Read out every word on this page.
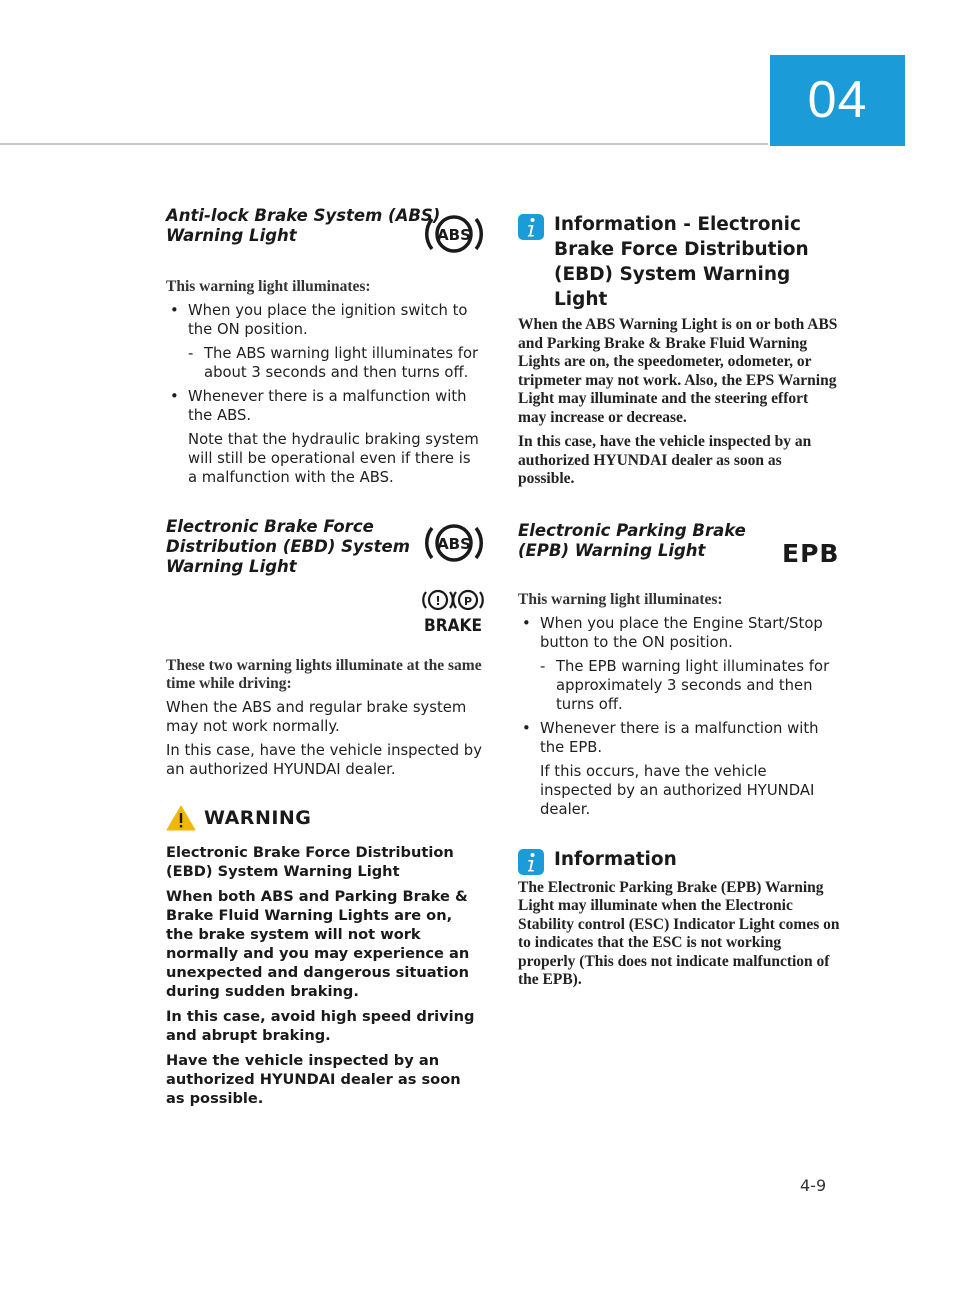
04

Anti-lock Brake System (ABS)

Warning Light	ABS

This warning light illuminates:

• When you place the ignition switch to the ON position.

- The ABS warning light illuminates for about 3 seconds and then turns off.

• Whenever there is a malfunction with the ABS.

Note that the hydraulic braking system will still be operational even if there is a malfunction with the ABS.

Electronic Brake Force

Distribution (EBD) System

Warning Light

ABS
! P
BRAKE

These two warning lights illuminate at the same time while driving:

When the ABS and regular brake system may not work normally.

In this case, have the vehicle inspected by an authorized HYUNDAI dealer.

WARNING

Electronic Brake Force Distribution (EBD) System Warning Light

When both ABS and Parking Brake & Brake Fluid Warning Lights are on, the brake system will not work normally and you may experience an unexpected and dangerous situation during sudden braking.

In this case, avoid high speed driving and abrupt braking.

Have the vehicle inspected by an authorized HYUNDAI dealer as soon as possible.

Information - Electronic Brake Force Distribution (EBD) System Warning Light

When the ABS Warning Light is on or both ABS and Parking Brake & Brake Fluid Warning Lights are on, the speedometer, odometer, or tripmeter may not work. Also, the EPS Warning Light may illuminate and the steering effort may increase or decrease.

In this case, have the vehicle inspected by an authorized HYUNDAI dealer as soon as possible.

Electronic Parking Brake

(EPB) Warning Light	EPB

This warning light illuminates:

• When you place the Engine Start/Stop button to the ON position.

- The EPB warning light illuminates for approximately 3 seconds and then turns off.

• Whenever there is a malfunction with the EPB.

If this occurs, have the vehicle inspected by an authorized HYUNDAI dealer.

Information

The Electronic Parking Brake (EPB) Warning Light may illuminate when the Electronic Stability control (ESC) Indicator Light comes on to indicates that the ESC is not working properly (This does not indicate malfunction of the EPB).

4-9
